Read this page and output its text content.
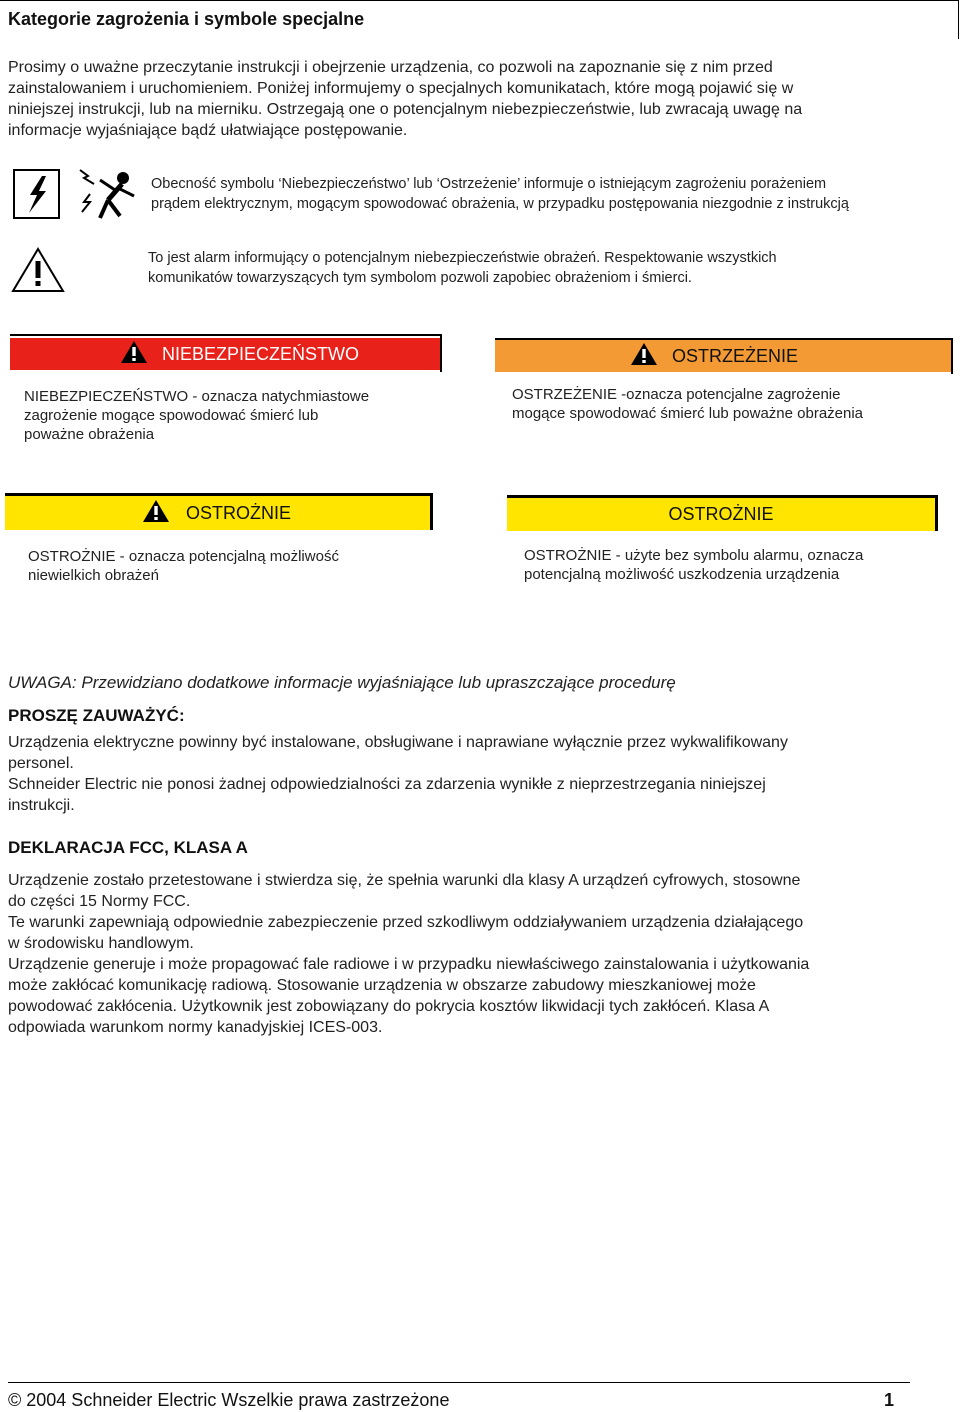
Kategorie zagrożenia i symbole specjalne
Prosimy o uważne przeczytanie instrukcji i obejrzenie urządzenia, co pozwoli na zapoznanie się z nim przed
zainstalowaniem i uruchomieniem. Poniżej informujemy o specjalnych komunikatach, które mogą pojawić się w
niniejszej instrukcji, lub na mierniku. Ostrzegają one o potencjalnym niebezpieczeństwie, lub zwracają uwagę na
informacje wyjaśniające bądź ułatwiające postępowanie.
Obecność symbolu ‘Niebezpieczeństwo’ lub ‘Ostrzeżenie’ informuje o istniejącym zagrożeniu porażeniem
prądem elektrycznym, mogącym spowodować obrażenia, w przypadku postępowania niezgodnie z instrukcją
To jest alarm informujący o potencjalnym niebezpieczeństwie obrażeń. Respektowanie wszystkich
komunikatów towarzyszących tym symbolom pozwoli zapobiec obrażeniom i śmierci.
NIEBEZPIECZEŃSTWO
NIEBEZPIECZEŃSTWO - oznacza natychmiastowe
zagrożenie mogące spowodować śmierć lub
poważne obrażenia
OSTRZEŻENIE
OSTRZEŻENIE -oznacza potencjalne zagrożenie
mogące spowodować śmierć lub poważne obrażenia
OSTROŻNIE
OSTROŻNIE - oznacza potencjalną możliwość
niewielkich obrażeń
OSTROŻNIE
OSTROŻNIE - użyte bez symbolu alarmu, oznacza
potencjalną możliwość uszkodzenia urządzenia
UWAGA: Przewidziano dodatkowe informacje wyjaśniające lub upraszczające procedurę
PROSZĘ ZAUWAŻYĆ:
Urządzenia elektryczne powinny być instalowane, obsługiwane i naprawiane wyłącznie przez wykwalifikowany
personel.
Schneider Electric nie ponosi żadnej odpowiedzialności za zdarzenia wynikłe z nieprzestrzegania niniejszej
instrukcji.
DEKLARACJA FCC, KLASA A
Urządzenie zostało przetestowane i stwierdza się, że spełnia warunki dla klasy A urządzeń cyfrowych, stosowne
do części 15 Normy FCC.
Te warunki zapewniają odpowiednie zabezpieczenie przed szkodliwym oddziaływaniem urządzenia działającego
w środowisku handlowym.
Urządzenie generuje i może propagować fale radiowe i w przypadku niewłaściwego zainstalowania i użytkowania
może zakłócać komunikację radiową. Stosowanie urządzenia w obszarze zabudowy mieszkaniowej może
powodować zakłócenia. Użytkownik jest zobowiązany do pokrycia kosztów likwidacji tych zakłóceń. Klasa A
odpowiada warunkom normy kanadyjskiej ICES-003.
© 2004 Schneider Electric Wszelkie prawa zastrzeżone	1
